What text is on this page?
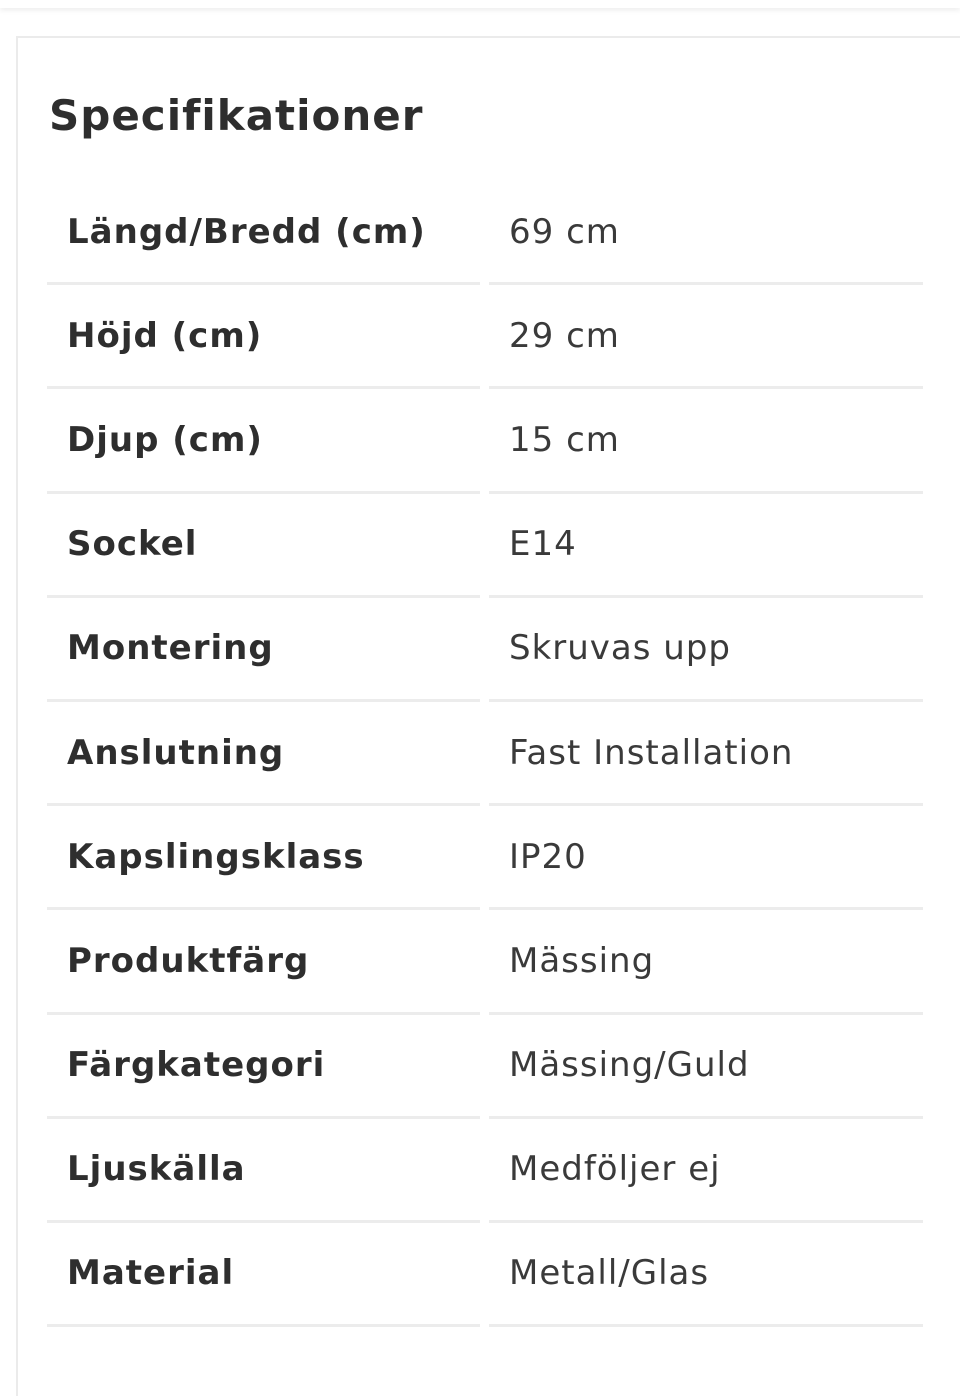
Specifikationer
Längd/Bredd (cm)	69 cm
Höjd (cm)	29 cm
Djup (cm)	15 cm
Sockel	E14
Montering	Skruvas upp
Anslutning	Fast Installation
Kapslingsklass	IP20
Produktfärg	Mässing
Färgkategori	Mässing/Guld
Ljuskälla	Medföljer ej
Material	Metall/Glas
